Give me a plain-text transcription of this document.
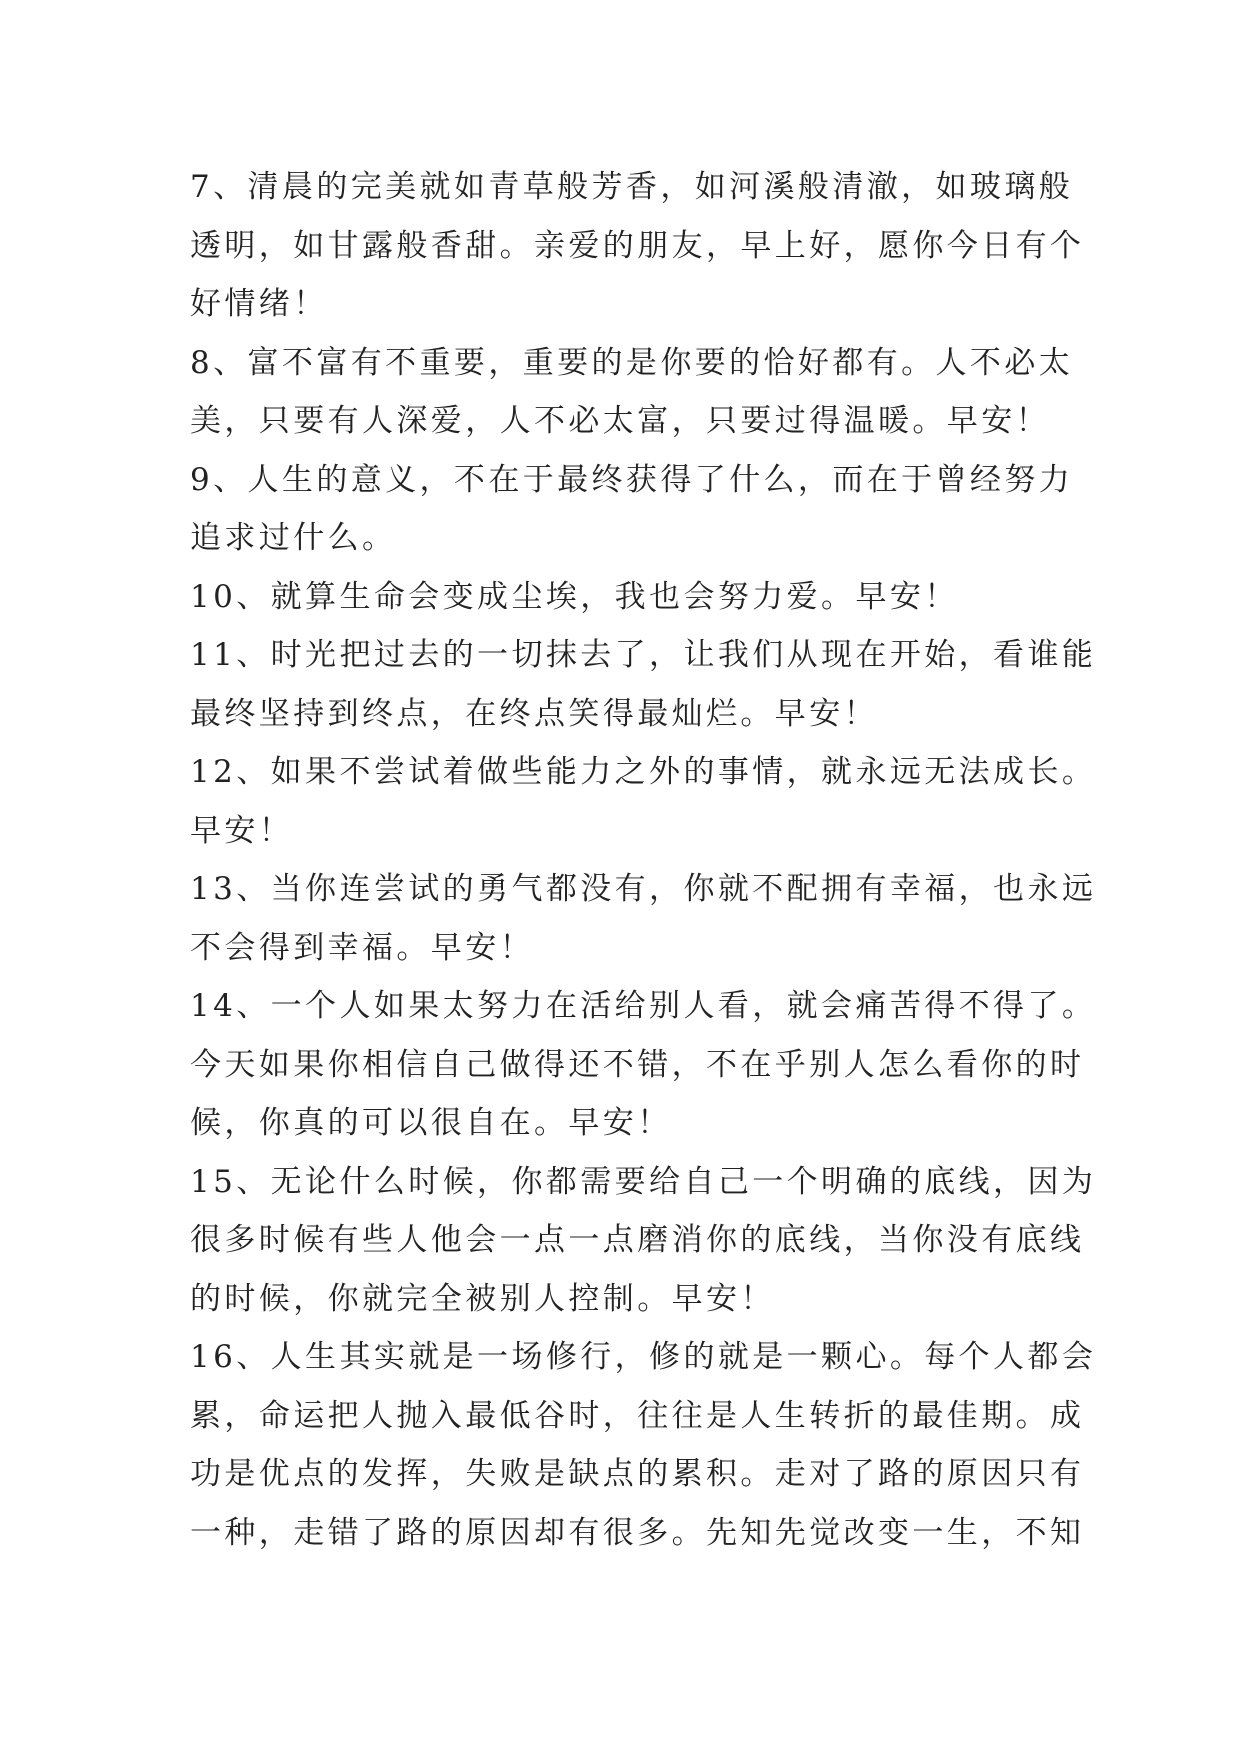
7、清晨的完美就如青草般芳香，如河溪般清澈，如玻璃般
透明，如甘露般香甜。亲爱的朋友，早上好，愿你今日有个
好情绪！
8、富不富有不重要，重要的是你要的恰好都有。人不必太
美，只要有人深爱，人不必太富，只要过得温暖。早安！
9、人生的意义，不在于最终获得了什么，而在于曾经努力
追求过什么。
10、就算生命会变成尘埃，我也会努力爱。早安！
11、时光把过去的一切抹去了，让我们从现在开始，看谁能
最终坚持到终点，在终点笑得最灿烂。早安！
12、如果不尝试着做些能力之外的事情，就永远无法成长。
早安！
13、当你连尝试的勇气都没有，你就不配拥有幸福，也永远
不会得到幸福。早安！
14、一个人如果太努力在活给别人看，就会痛苦得不得了。
今天如果你相信自己做得还不错，不在乎别人怎么看你的时
候，你真的可以很自在。早安！
15、无论什么时候，你都需要给自己一个明确的底线，因为
很多时候有些人他会一点一点磨消你的底线，当你没有底线
的时候，你就完全被别人控制。早安！
16、人生其实就是一场修行，修的就是一颗心。每个人都会
累，命运把人抛入最低谷时，往往是人生转折的最佳期。成
功是优点的发挥，失败是缺点的累积。走对了路的原因只有
一种，走错了路的原因却有很多。先知先觉改变一生，不知
